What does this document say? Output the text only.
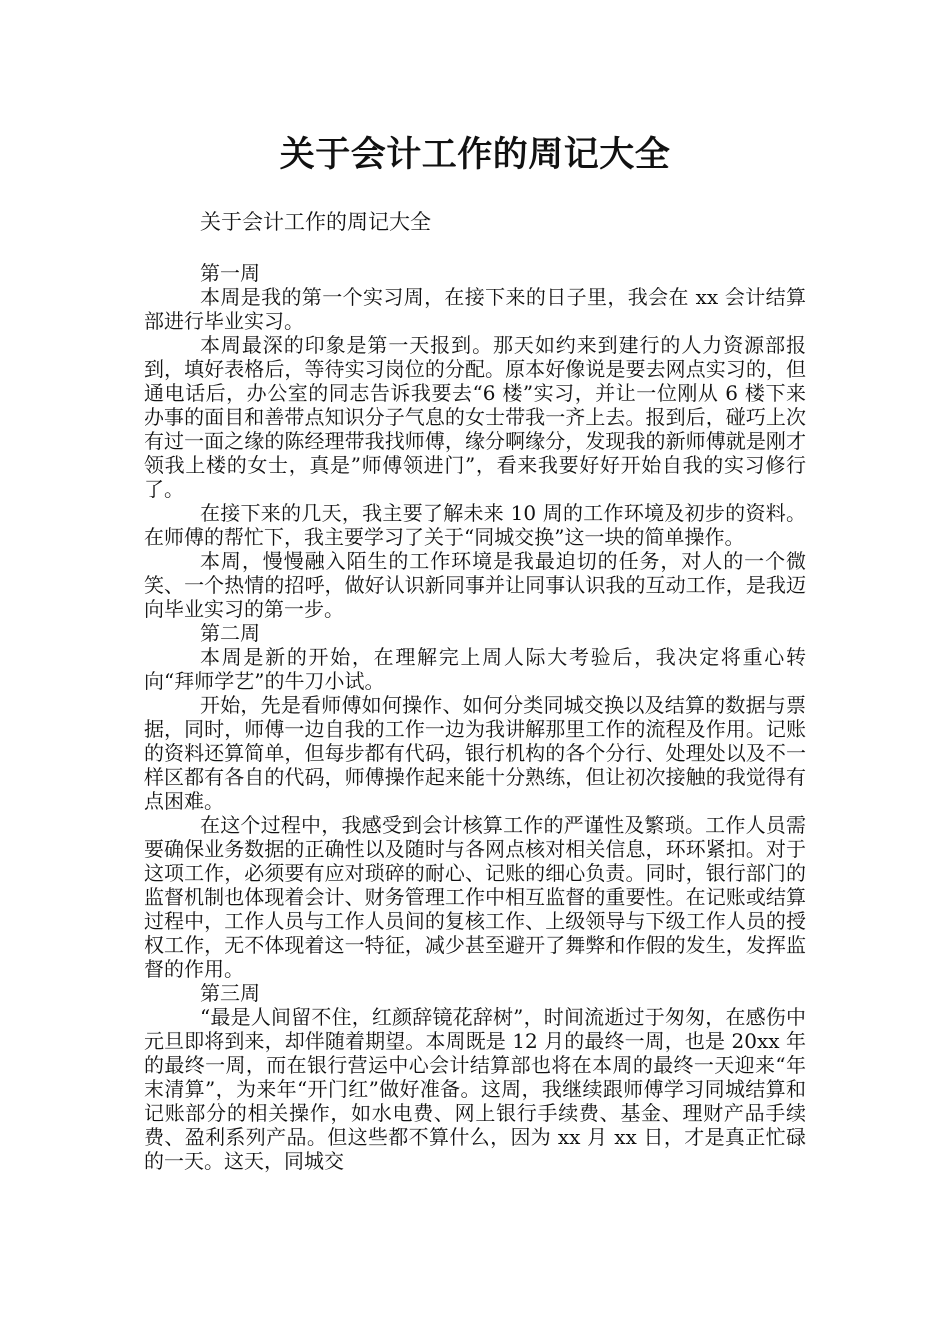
关于会计工作的周记大全

关于会计工作的周记大全

第一周

本周是我的第一个实习周，在接下来的日子里，我会在 xx 会计结算部进行毕业实习。

本周最深的印象是第一天报到。那天如约来到建行的人力资源部报到，填好表格后，等待实习岗位的分配。原本好像说是要去网点实习的，但通电话后，办公室的同志告诉我要去“6 楼”实习，并让一位刚从 6 楼下来办事的面目和善带点知识分子气息的女士带我一齐上去。报到后，碰巧上次有过一面之缘的陈经理带我找师傅，缘分啊缘分，发现我的新师傅就是刚才领我上楼的女士，真是”师傅领进门”，看来我要好好开始自我的实习修行了。

在接下来的几天，我主要了解未来 10 周的工作环境及初步的资料。在师傅的帮忙下，我主要学习了关于“同城交换”这一块的简单操作。

本周，慢慢融入陌生的工作环境是我最迫切的任务，对人的一个微笑、一个热情的招呼，做好认识新同事并让同事认识我的互动工作，是我迈向毕业实习的第一步。

第二周

本周是新的开始，在理解完上周人际大考验后，我决定将重心转向“拜师学艺”的牛刀小试。

开始，先是看师傅如何操作、如何分类同城交换以及结算的数据与票据，同时，师傅一边自我的工作一边为我讲解那里工作的流程及作用。记账的资料还算简单，但每步都有代码，银行机构的各个分行、处理处以及不一样区都有各自的代码，师傅操作起来能十分熟练，但让初次接触的我觉得有点困难。

在这个过程中，我感受到会计核算工作的严谨性及繁琐。工作人员需要确保业务数据的正确性以及随时与各网点核对相关信息，环环紧扣。对于这项工作，必须要有应对琐碎的耐心、记账的细心负责。同时，银行部门的监督机制也体现着会计、财务管理工作中相互监督的重要性。在记账或结算过程中，工作人员与工作人员间的复核工作、上级领导与下级工作人员的授权工作，无不体现着这一特征，减少甚至避开了舞弊和作假的发生，发挥监督的作用。

第三周

“最是人间留不住，红颜辞镜花辞树”，时间流逝过于匆匆，在感伤中元旦即将到来，却伴随着期望。本周既是 12 月的最终一周，也是 20xx 年的最终一周，而在银行营运中心会计结算部也将在本周的最终一天迎来“年末清算”，为来年“开门红”做好准备。这周，我继续跟师傅学习同城结算和记账部分的相关操作，如水电费、网上银行手续费、基金、理财产品手续费、盈利系列产品。但这些都不算什么，因为 xx 月 xx 日，才是真正忙碌的一天。这天，同城交
